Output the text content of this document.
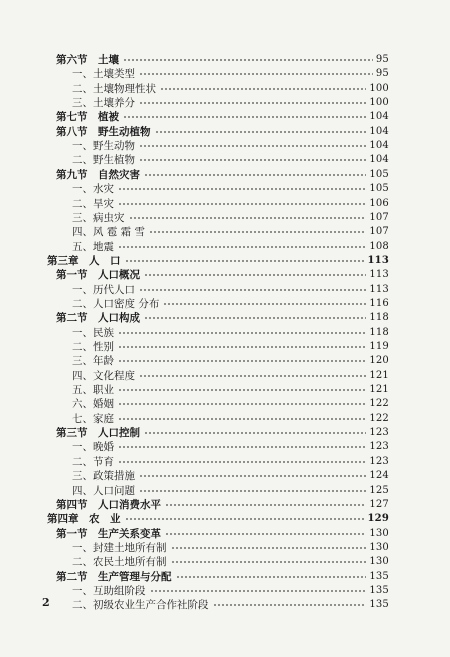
第六节　土壤	95
一、土壤类型	95
二、土壤物理性状	100
三、土壤养分	100
第七节　植被	104
第八节　野生动植物	104
一、野生动物	104
二、野生植物	104
第九节　自然灾害	105
一、水灾	105
二、旱灾	106
三、病虫灾	107
四、风 雹 霜 雪	107
五、地震	108
第三章　人　口	113
第一节　人口概况	113
一、历代人口	113
二、人口密度 分布	116
第二节　人口构成	118
一、民族	118
二、性别	119
三、年龄	120
四、文化程度	121
五、职业	121
六、婚姻	122
七、家庭	122
第三节　人口控制	123
一、晚婚	123
二、节育	123
三、政策措施	124
四、人口问题	125
第四节　人口消费水平	127
第四章　农　业	129
第一节　生产关系变革	130
一、封建土地所有制	130
二、农民土地所有制	130
第二节　生产管理与分配	135
一、互助组阶段	135
二、初级农业生产合作社阶段	135
2
